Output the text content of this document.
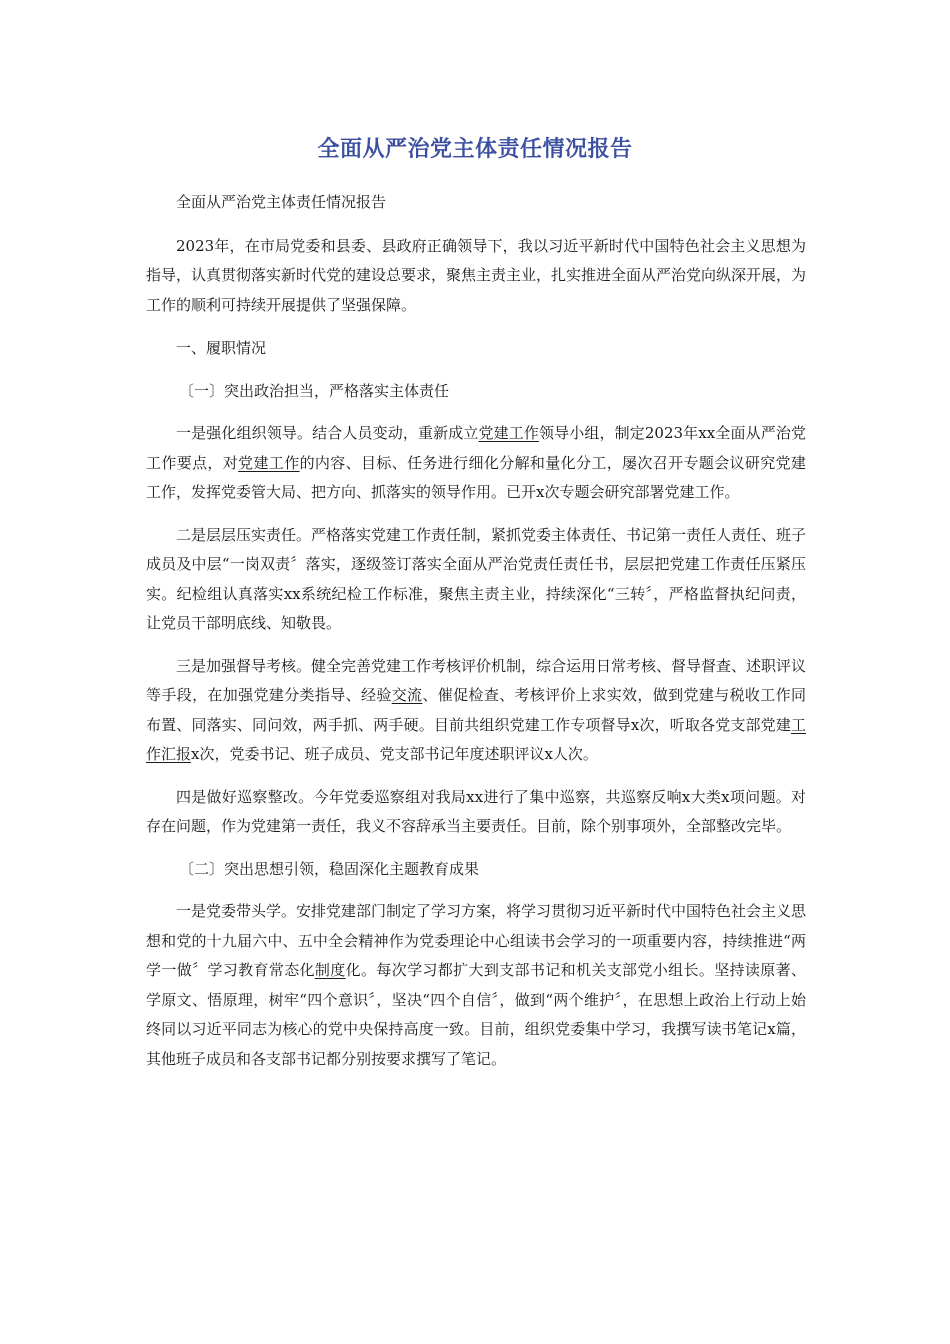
全面从严治党主体责任情况报告

全面从严治党主体责任情况报告

2023年，在市局党委和县委、县政府正确领导下，我以习近平新时代中国特色社会主义思想为指导，认真贯彻落实新时代党的建设总要求，聚焦主责主业，扎实推进全面从严治党向纵深开展，为工作的顺利可持续开展提供了坚强保障。

一、履职情况

〔一〕突出政治担当，严格落实主体责任

一是强化组织领导。结合人员变动，重新成立党建工作领导小组，制定2023年xx全面从严治党工作要点，对党建工作的内容、目标、任务进行细化分解和量化分工，屡次召开专题会议研究党建工作，发挥党委管大局、把方向、抓落实的领导作用。已开x次专题会研究部署党建工作。

二是层层压实责任。严格落实党建工作责任制，紧抓党委主体责任、书记第一责任人责任、班子成员及中层“一岗双责〞落实，逐级签订落实全面从严治党责任责任书，层层把党建工作责任压紧压实。纪检组认真落实xx系统纪检工作标准，聚焦主责主业，持续深化“三转〞，严格监督执纪问责，让党员干部明底线、知敬畏。

三是加强督导考核。健全完善党建工作考核评价机制，综合运用日常考核、督导督查、述职评议等手段，在加强党建分类指导、经验交流、催促检查、考核评价上求实效，做到党建与税收工作同布置、同落实、同问效，两手抓、两手硬。目前共组织党建工作专项督导x次，听取各党支部党建工作汇报x次，党委书记、班子成员、党支部书记年度述职评议x人次。

四是做好巡察整改。今年党委巡察组对我局xx进行了集中巡察，共巡察反响x大类x项问题。对存在问题，作为党建第一责任，我义不容辞承当主要责任。目前，除个别事项外，全部整改完毕。

〔二〕突出思想引领，稳固深化主题教育成果

一是党委带头学。安排党建部门制定了学习方案，将学习贯彻习近平新时代中国特色社会主义思想和党的十九届六中、五中全会精神作为党委理论中心组读书会学习的一项重要内容，持续推进“两学一做〞学习教育常态化制度化。每次学习都扩大到支部书记和机关支部党小组长。坚持读原著、学原文、悟原理，树牢“四个意识〞，坚决“四个自信〞，做到“两个维护〞，在思想上政治上行动上始终同以习近平同志为核心的党中央保持高度一致。目前，组织党委集中学习，我撰写读书笔记x篇，其他班子成员和各支部书记都分别按要求撰写了笔记。
